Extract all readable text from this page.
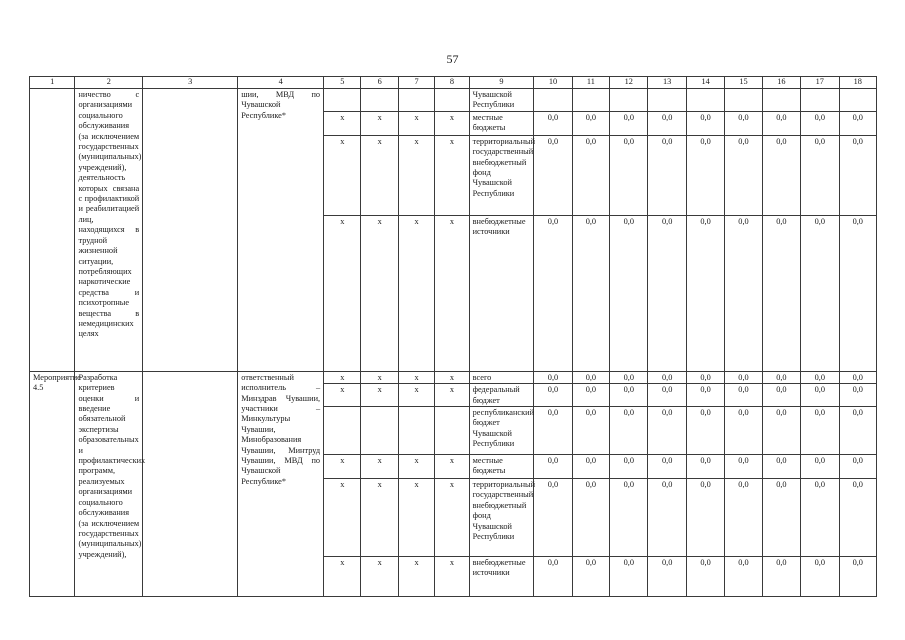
57
1	2	3	4	5	6	7	8	9	10	11	12	13	14	15	16	17	18
	ничество с организациями социального обслуживания (за исключением государственных (муниципальных) учреждений), деятельность которых связана с профилактикой и реабилитацией лиц, находящихся в трудной жизненной ситуации, потребляющих наркотические средства и психотропные вещества в немедицинских целях		шии, МВД по Чувашской Республике*					Чувашской Республики									
				x	x	x	x	местные бюджеты	0,0	0,0	0,0	0,0	0,0	0,0	0,0	0,0	0,0
				x	x	x	x	территориальный государственный внебюджетный фонд Чувашской Республики	0,0	0,0	0,0	0,0	0,0	0,0	0,0	0,0	0,0
				x	x	x	x	внебюджетные источники	0,0	0,0	0,0	0,0	0,0	0,0	0,0	0,0	0,0
Мероприятие 4.5	Разработка критериев оценки и введение обязательной экспертизы образовательных и профилактических программ, реализуемых организациями социального обслуживания (за исключением государственных (муниципальных) учреждений),		ответственный исполнитель – Минздрав Чувашии, участники – Минкультуры Чувашии, Минобразования Чувашии, Минтруд Чувашии, МВД по Чувашской Республике*	x	x	x	x	всего	0,0	0,0	0,0	0,0	0,0	0,0	0,0	0,0	0,0
				x	x	x	x	федеральный бюджет	0,0	0,0	0,0	0,0	0,0	0,0	0,0	0,0	0,0
								республиканский бюджет Чувашской Республики	0,0	0,0	0,0	0,0	0,0	0,0	0,0	0,0	0,0
				x	x	x	x	местные бюджеты	0,0	0,0	0,0	0,0	0,0	0,0	0,0	0,0	0,0
				x	x	x	x	территориальный государственный внебюджетный фонд Чувашской Республики	0,0	0,0	0,0	0,0	0,0	0,0	0,0	0,0	0,0
				x	x	x	x	внебюджетные источники	0,0	0,0	0,0	0,0	0,0	0,0	0,0	0,0	0,0
